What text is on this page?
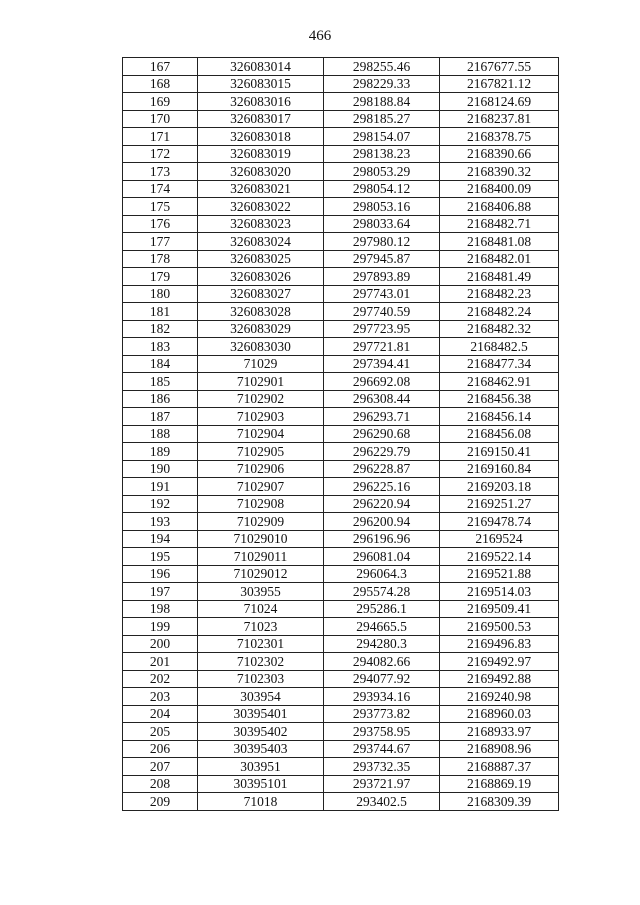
466
167	326083014	298255.46	2167677.55
168	326083015	298229.33	2167821.12
169	326083016	298188.84	2168124.69
170	326083017	298185.27	2168237.81
171	326083018	298154.07	2168378.75
172	326083019	298138.23	2168390.66
173	326083020	298053.29	2168390.32
174	326083021	298054.12	2168400.09
175	326083022	298053.16	2168406.88
176	326083023	298033.64	2168482.71
177	326083024	297980.12	2168481.08
178	326083025	297945.87	2168482.01
179	326083026	297893.89	2168481.49
180	326083027	297743.01	2168482.23
181	326083028	297740.59	2168482.24
182	326083029	297723.95	2168482.32
183	326083030	297721.81	2168482.5
184	71029	297394.41	2168477.34
185	7102901	296692.08	2168462.91
186	7102902	296308.44	2168456.38
187	7102903	296293.71	2168456.14
188	7102904	296290.68	2168456.08
189	7102905	296229.79	2169150.41
190	7102906	296228.87	2169160.84
191	7102907	296225.16	2169203.18
192	7102908	296220.94	2169251.27
193	7102909	296200.94	2169478.74
194	71029010	296196.96	2169524
195	71029011	296081.04	2169522.14
196	71029012	296064.3	2169521.88
197	303955	295574.28	2169514.03
198	71024	295286.1	2169509.41
199	71023	294665.5	2169500.53
200	7102301	294280.3	2169496.83
201	7102302	294082.66	2169492.97
202	7102303	294077.92	2169492.88
203	303954	293934.16	2169240.98
204	30395401	293773.82	2168960.03
205	30395402	293758.95	2168933.97
206	30395403	293744.67	2168908.96
207	303951	293732.35	2168887.37
208	30395101	293721.97	2168869.19
209	71018	293402.5	2168309.39
